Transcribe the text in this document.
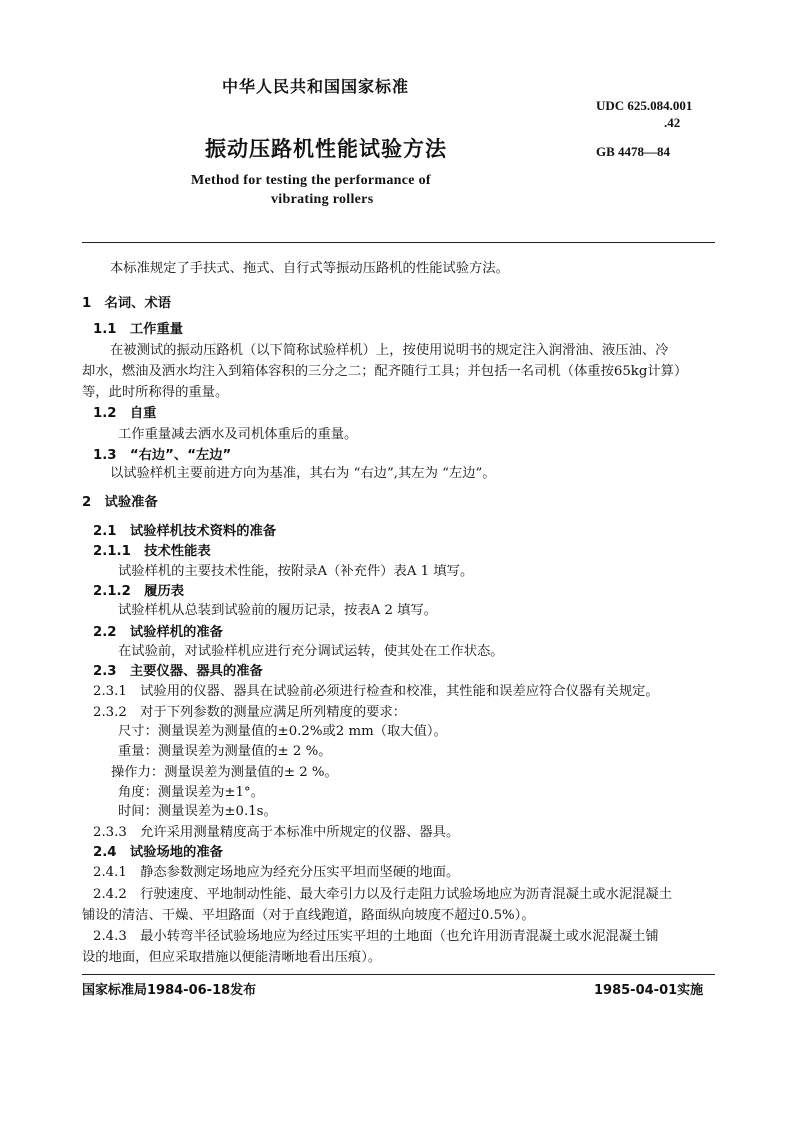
中华人民共和国国家标准
UDC 625.084.001
.42
GB 4478—84
振动压路机性能试验方法
Method for testing the performance of
vibrating rollers
本标准规定了手扶式、拖式、自行式等振动压路机的性能试验方法。
1　名词、术语
1.1　工作重量
在被测试的振动压路机（以下简称试验样机）上，按使用说明书的规定注入润滑油、液压油、冷
却水，燃油及洒水均注入到箱体容积的三分之二；配齐随行工具；并包括一名司机（体重按65kg计算）
等，此时所称得的重量。
1.2　自重
工作重量减去洒水及司机体重后的重量。
1.3　“右边”、“左边”
以试验样机主要前进方向为基准，其右为 “右边”,其左为 “左边”。
2　试验准备
2.1　试验样机技术资料的准备
2.1.1　技术性能表
试验样机的主要技术性能，按附录A（补充件）表A 1 填写。
2.1.2　履历表
试验样机从总装到试验前的履历记录，按表A 2 填写。
2.2　试验样机的准备
在试验前，对试验样机应进行充分调试运转，使其处在工作状态。
2.3　主要仪器、器具的准备
2.3.1　试验用的仪器、器具在试验前必须进行检查和校准，其性能和误差应符合仪器有关规定。
2.3.2　对于下列参数的测量应满足所列精度的要求：
尺寸：测量误差为测量值的±0.2%或2 mm（取大值）。
重量：测量误差为测量值的± 2 %。
操作力：测量误差为测量值的± 2 %。
角度：测量误差为±1°。
时间：测量误差为±0.1s。
2.3.3　允许采用测量精度高于本标准中所规定的仪器、器具。
2.4　试验场地的准备
2.4.1　静态参数测定场地应为经充分压实平坦而坚硬的地面。
2.4.2　行驶速度、平地制动性能、最大牵引力以及行走阻力试验场地应为沥青混凝土或水泥混凝土
铺设的清洁、干燥、平坦路面（对于直线跑道，路面纵向坡度不超过0.5%）。
2.4.3　最小转弯半径试验场地应为经过压实平坦的土地面（也允许用沥青混凝土或水泥混凝土铺
设的地面，但应采取措施以便能清晰地看出压痕）。
国家标准局1984-06-18发布	1985-04-01实施
